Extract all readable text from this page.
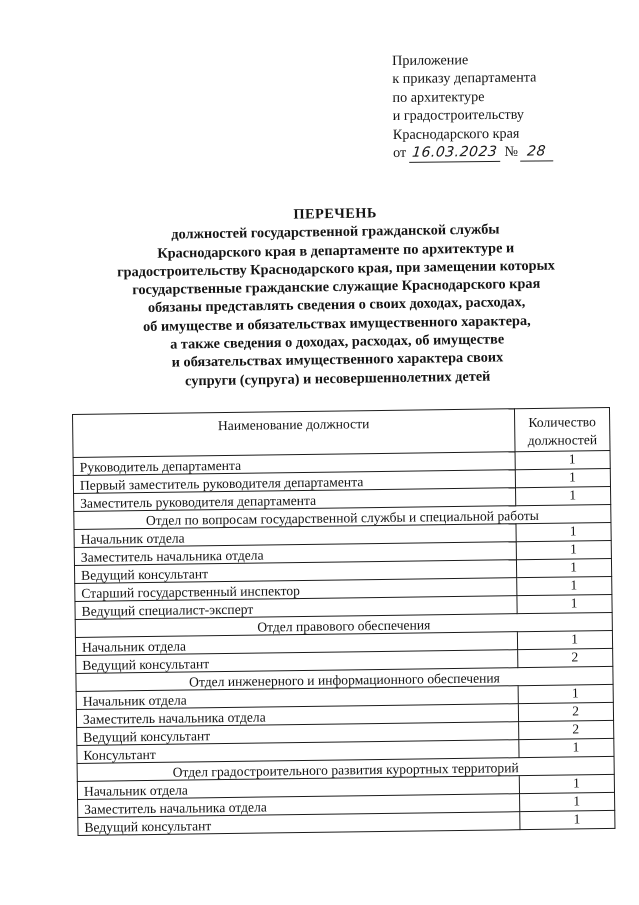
Приложение
к приказу департамента
по архитектуре
и градостроительству
Краснодарского края
от 16.03.2023 № 28
ПЕРЕЧЕНЬ
должностей государственной гражданской службы
Краснодарского края в департаменте по архитектуре и
градостроительству Краснодарского края, при замещении которых
государственные гражданские служащие Краснодарского края
обязаны представлять сведения о своих доходах, расходах,
об имуществе и обязательствах имущественного характера,
а также сведения о доходах, расходах, об имуществе
и обязательствах имущественного характера своих
супруги (супруга) и несовершеннолетних детей
Наименование должности	Количество
должностей
Руководитель департамента	1
Первый заместитель руководителя департамента	1
Заместитель руководителя департамента	1
Отдел по вопросам государственной службы и специальной работы	
Начальник отдела	1
Заместитель начальника отдела	1
Ведущий консультант	1
Старший государственный инспектор	1
Ведущий специалист-эксперт	1
Отдел правового обеспечения	
Начальник отдела	1
Ведущий консультант	2
Отдел инженерного и информационного обеспечения	
Начальник отдела	1
Заместитель начальника отдела	2
Ведущий консультант	2
Консультант	1
Отдел градостроительного развития курортных территорий	
Начальник отдела	1
Заместитель начальника отдела	1
Ведущий консультант	1
